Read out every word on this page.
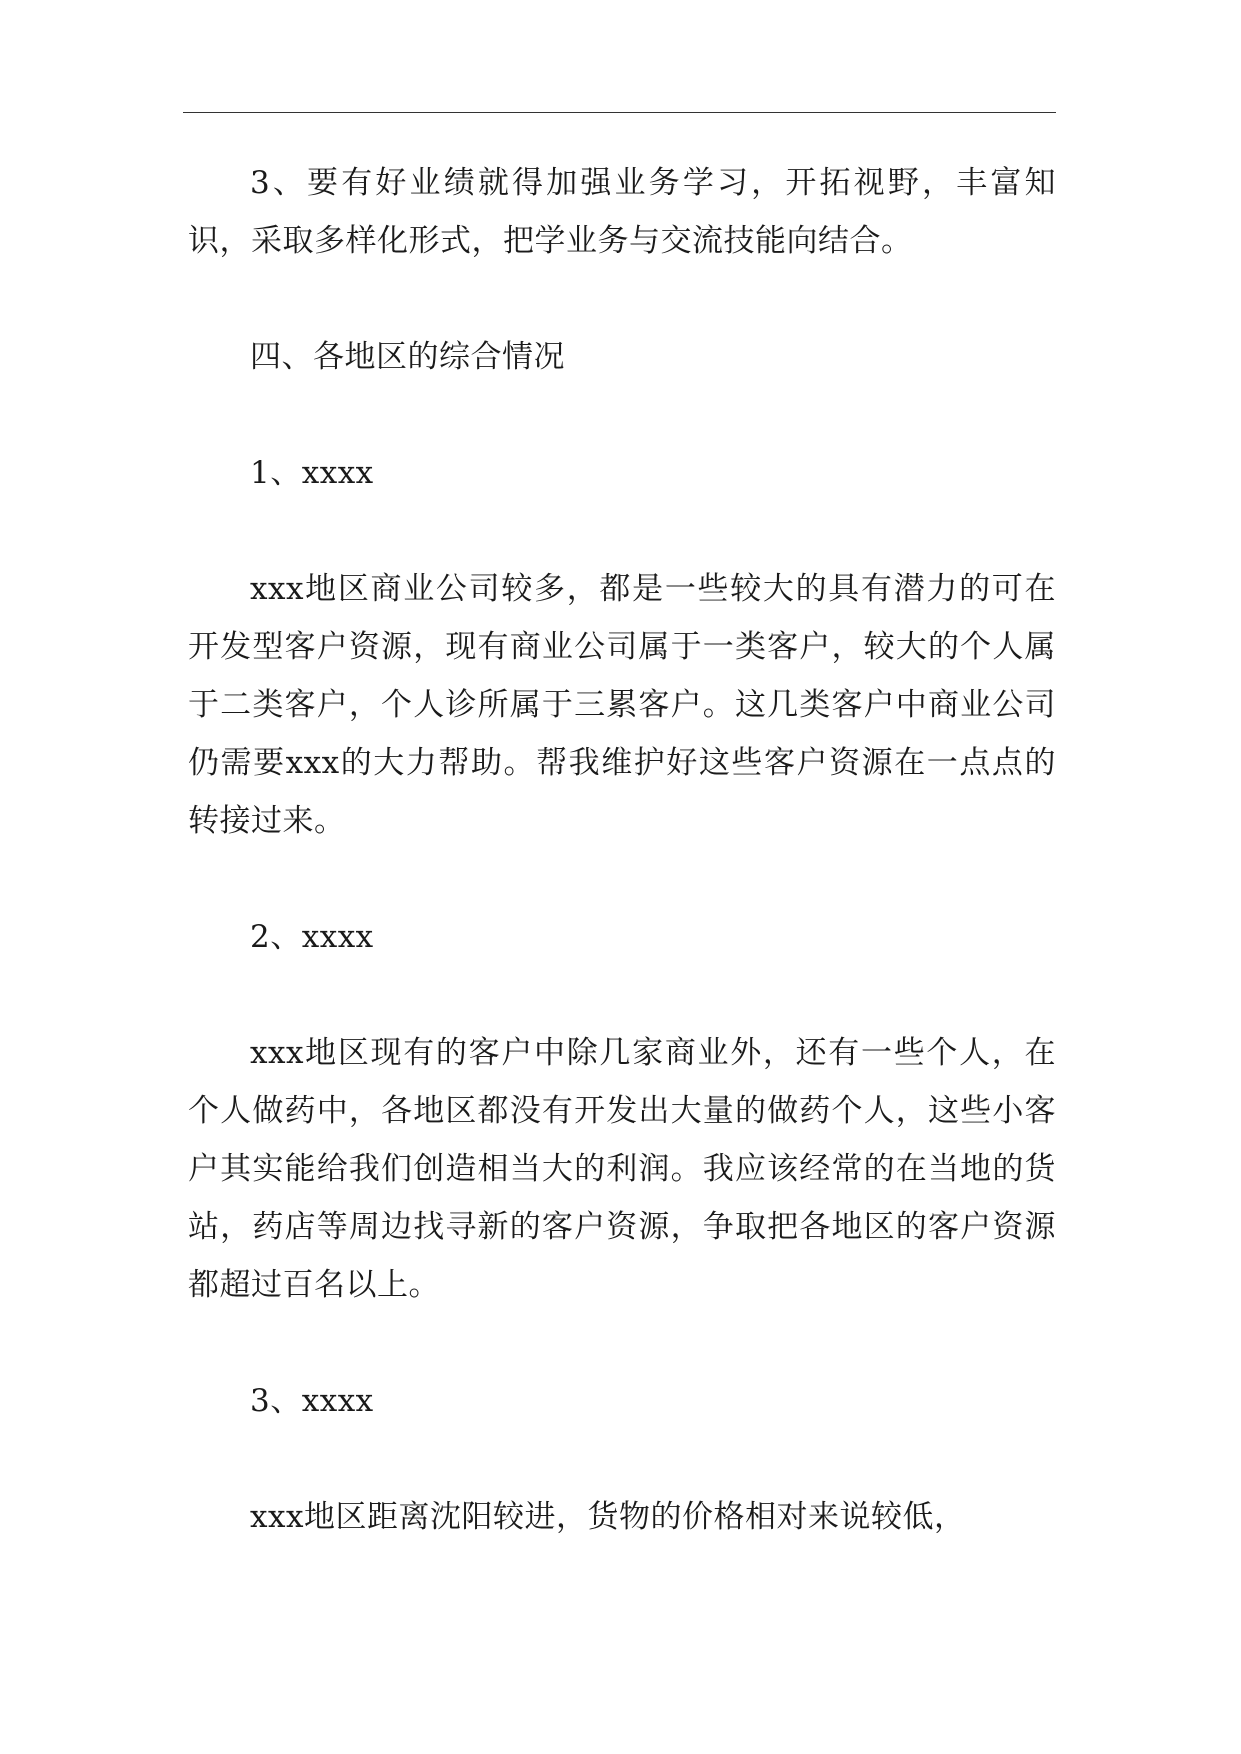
3、要有好业绩就得加强业务学习，开拓视野，丰富知识，采取多样化形式，把学业务与交流技能向结合。

四、各地区的综合情况

1、xxxx

xxx地区商业公司较多，都是一些较大的具有潜力的可在开发型客户资源，现有商业公司属于一类客户，较大的个人属于二类客户，个人诊所属于三累客户。这几类客户中商业公司仍需要xxx的大力帮助。帮我维护好这些客户资源在一点点的转接过来。

2、xxxx

xxx地区现有的客户中除几家商业外，还有一些个人，在个人做药中，各地区都没有开发出大量的做药个人，这些小客户其实能给我们创造相当大的利润。我应该经常的在当地的货站，药店等周边找寻新的客户资源，争取把各地区的客户资源都超过百名以上。

3、xxxx

xxx地区距离沈阳较进，货物的价格相对来说较低，
